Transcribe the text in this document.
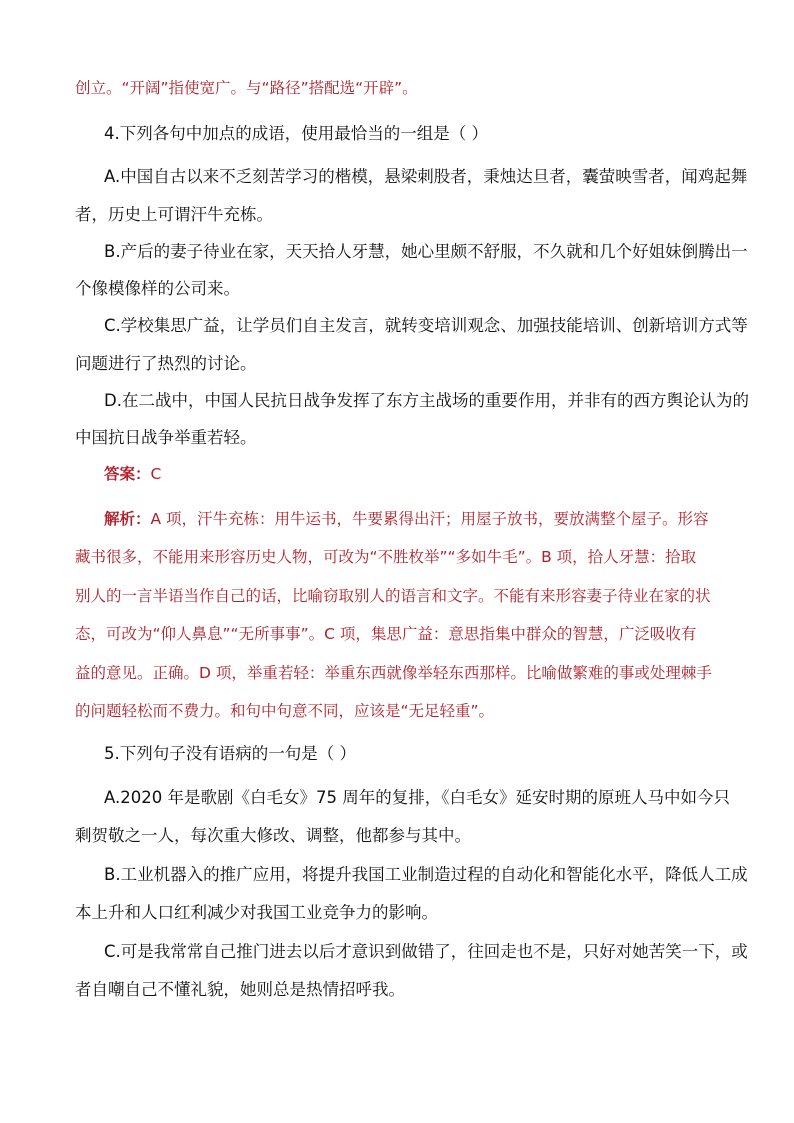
创立。“开阔”指使宽广。与“路径”搭配选“开辟”。
4.下列各句中加点的成语，使用最恰当的一组是（ ）
A.中国自古以来不乏刻苦学习的楷模，悬梁刺股者，秉烛达旦者，囊萤映雪者，闻鸡起舞
者，历史上可谓汗牛充栋。
B.产后的妻子待业在家，天天拾人牙慧，她心里颇不舒服，不久就和几个好姐妹倒腾出一
个像模像样的公司来。
C.学校集思广益，让学员们自主发言，就转变培训观念、加强技能培训、创新培训方式等
问题进行了热烈的讨论。
D.在二战中，中国人民抗日战争发挥了东方主战场的重要作用，并非有的西方舆论认为的
中国抗日战争举重若轻。
答案：C
解析：A 项，汗牛充栋：用牛运书，牛要累得出汗；用屋子放书，要放满整个屋子。形容
藏书很多，不能用来形容历史人物，可改为“不胜枚举”“多如牛毛”。B 项，拾人牙慧：拾取
别人的一言半语当作自己的话，比喻窃取别人的语言和文字。不能有来形容妻子待业在家的状
态，可改为“仰人鼻息”“无所事事”。C 项，集思广益：意思指集中群众的智慧，广泛吸收有
益的意见。正确。D 项，举重若轻：举重东西就像举轻东西那样。比喻做繁难的事或处理棘手
的问题轻松而不费力。和句中句意不同，应该是“无足轻重”。
5.下列句子没有语病的一句是（ ）
A.2020 年是歌剧《白毛女》75 周年的复排，《白毛女》延安时期的原班人马中如今只
剩贺敬之一人，每次重大修改、调整，他都参与其中。
B.工业机器入的推广应用，将提升我国工业制造过程的自动化和智能化水平，降低人工成
本上升和人口红利减少对我国工业竞争力的影响。
C.可是我常常自己推门进去以后才意识到做错了，往回走也不是，只好对她苦笑一下，或
者自嘲自己不懂礼貌，她则总是热情招呼我。
